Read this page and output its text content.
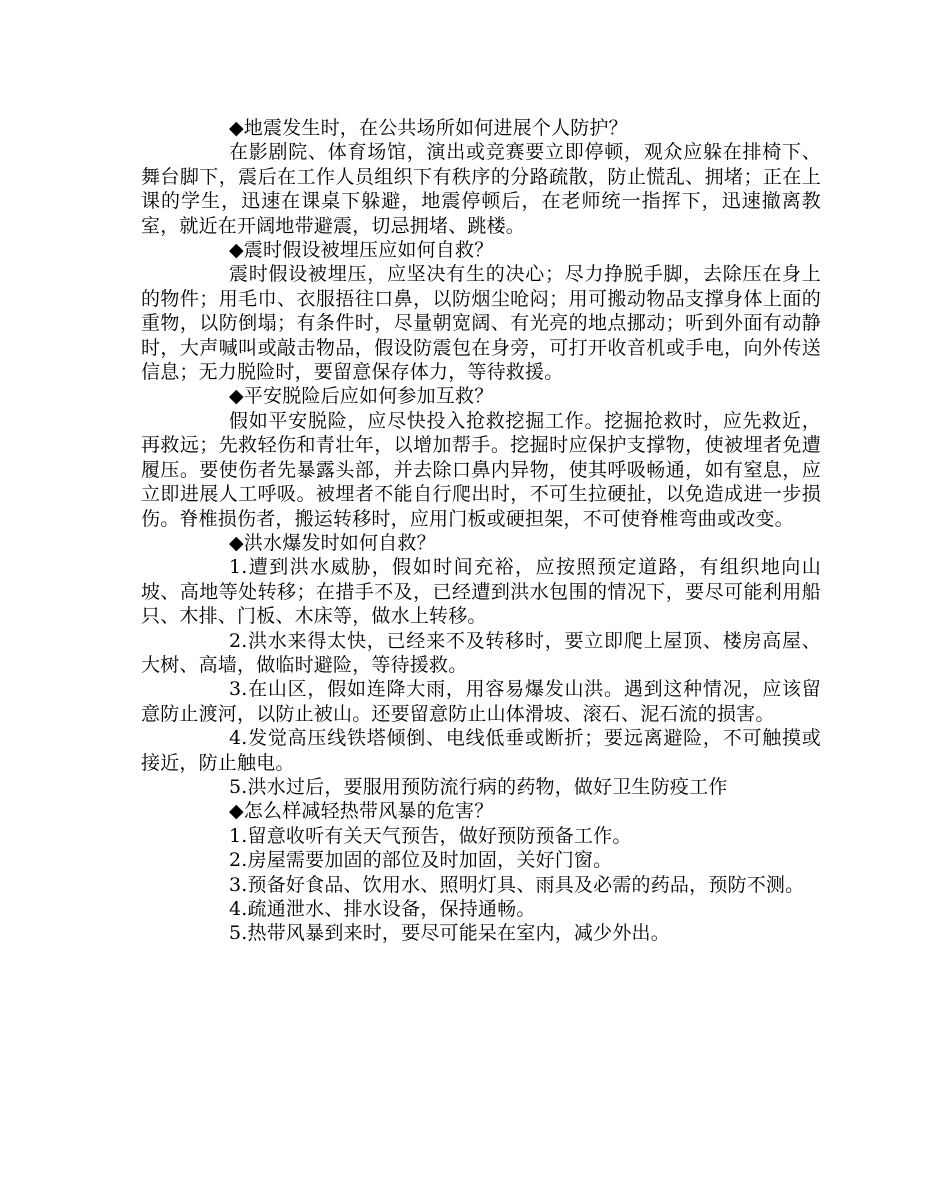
◆地震发生时，在公共场所如何进展个人防护？

在影剧院、体育场馆，演出或竞赛要立即停顿，观众应躲在排椅下、舞台脚下，震后在工作人员组织下有秩序的分路疏散，防止慌乱、拥堵；正在上课的学生，迅速在课桌下躲避，地震停顿后，在老师统一指挥下，迅速撤离教室，就近在开阔地带避震，切忌拥堵、跳楼。

◆震时假设被埋压应如何自救？

震时假设被埋压，应坚决有生的决心；尽力挣脱手脚，去除压在身上的物件；用毛巾、衣服捂往口鼻，以防烟尘呛闷；用可搬动物品支撑身体上面的重物，以防倒塌；有条件时，尽量朝宽阔、有光亮的地点挪动；听到外面有动静时，大声喊叫或敲击物品，假设防震包在身旁，可打开收音机或手电，向外传送信息；无力脱险时，要留意保存体力，等待救援。

◆平安脱险后应如何参加互救？

假如平安脱险，应尽快投入抢救挖掘工作。挖掘抢救时，应先救近，再救远；先救轻伤和青壮年，以增加帮手。挖掘时应保护支撑物，使被埋者免遭履压。要使伤者先暴露头部，并去除口鼻内异物，使其呼吸畅通，如有窒息，应立即进展人工呼吸。被埋者不能自行爬出时，不可生拉硬扯，以免造成进一步损伤。脊椎损伤者，搬运转移时，应用门板或硬担架，不可使脊椎弯曲或改变。

◆洪水爆发时如何自救？

1.遭到洪水威胁，假如时间充裕，应按照预定道路，有组织地向山坡、高地等处转移；在措手不及，已经遭到洪水包围的情况下，要尽可能利用船只、木排、门板、木床等，做水上转移。

2.洪水来得太快，已经来不及转移时，要立即爬上屋顶、楼房高屋、大树、高墙，做临时避险，等待援救。

3.在山区，假如连降大雨，用容易爆发山洪。遇到这种情况，应该留意防止渡河，以防止被山。还要留意防止山体滑坡、滚石、泥石流的损害。

4.发觉高压线铁塔倾倒、电线低垂或断折；要远离避险，不可触摸或接近，防止触电。

5.洪水过后，要服用预防流行病的药物，做好卫生防疫工作

◆怎么样减轻热带风暴的危害？

1.留意收听有关天气预告，做好预防预备工作。

2.房屋需要加固的部位及时加固，关好门窗。

3.预备好食品、饮用水、照明灯具、雨具及必需的药品，预防不测。

4.疏通泄水、排水设备，保持通畅。

5.热带风暴到来时，要尽可能呆在室内，减少外出。
